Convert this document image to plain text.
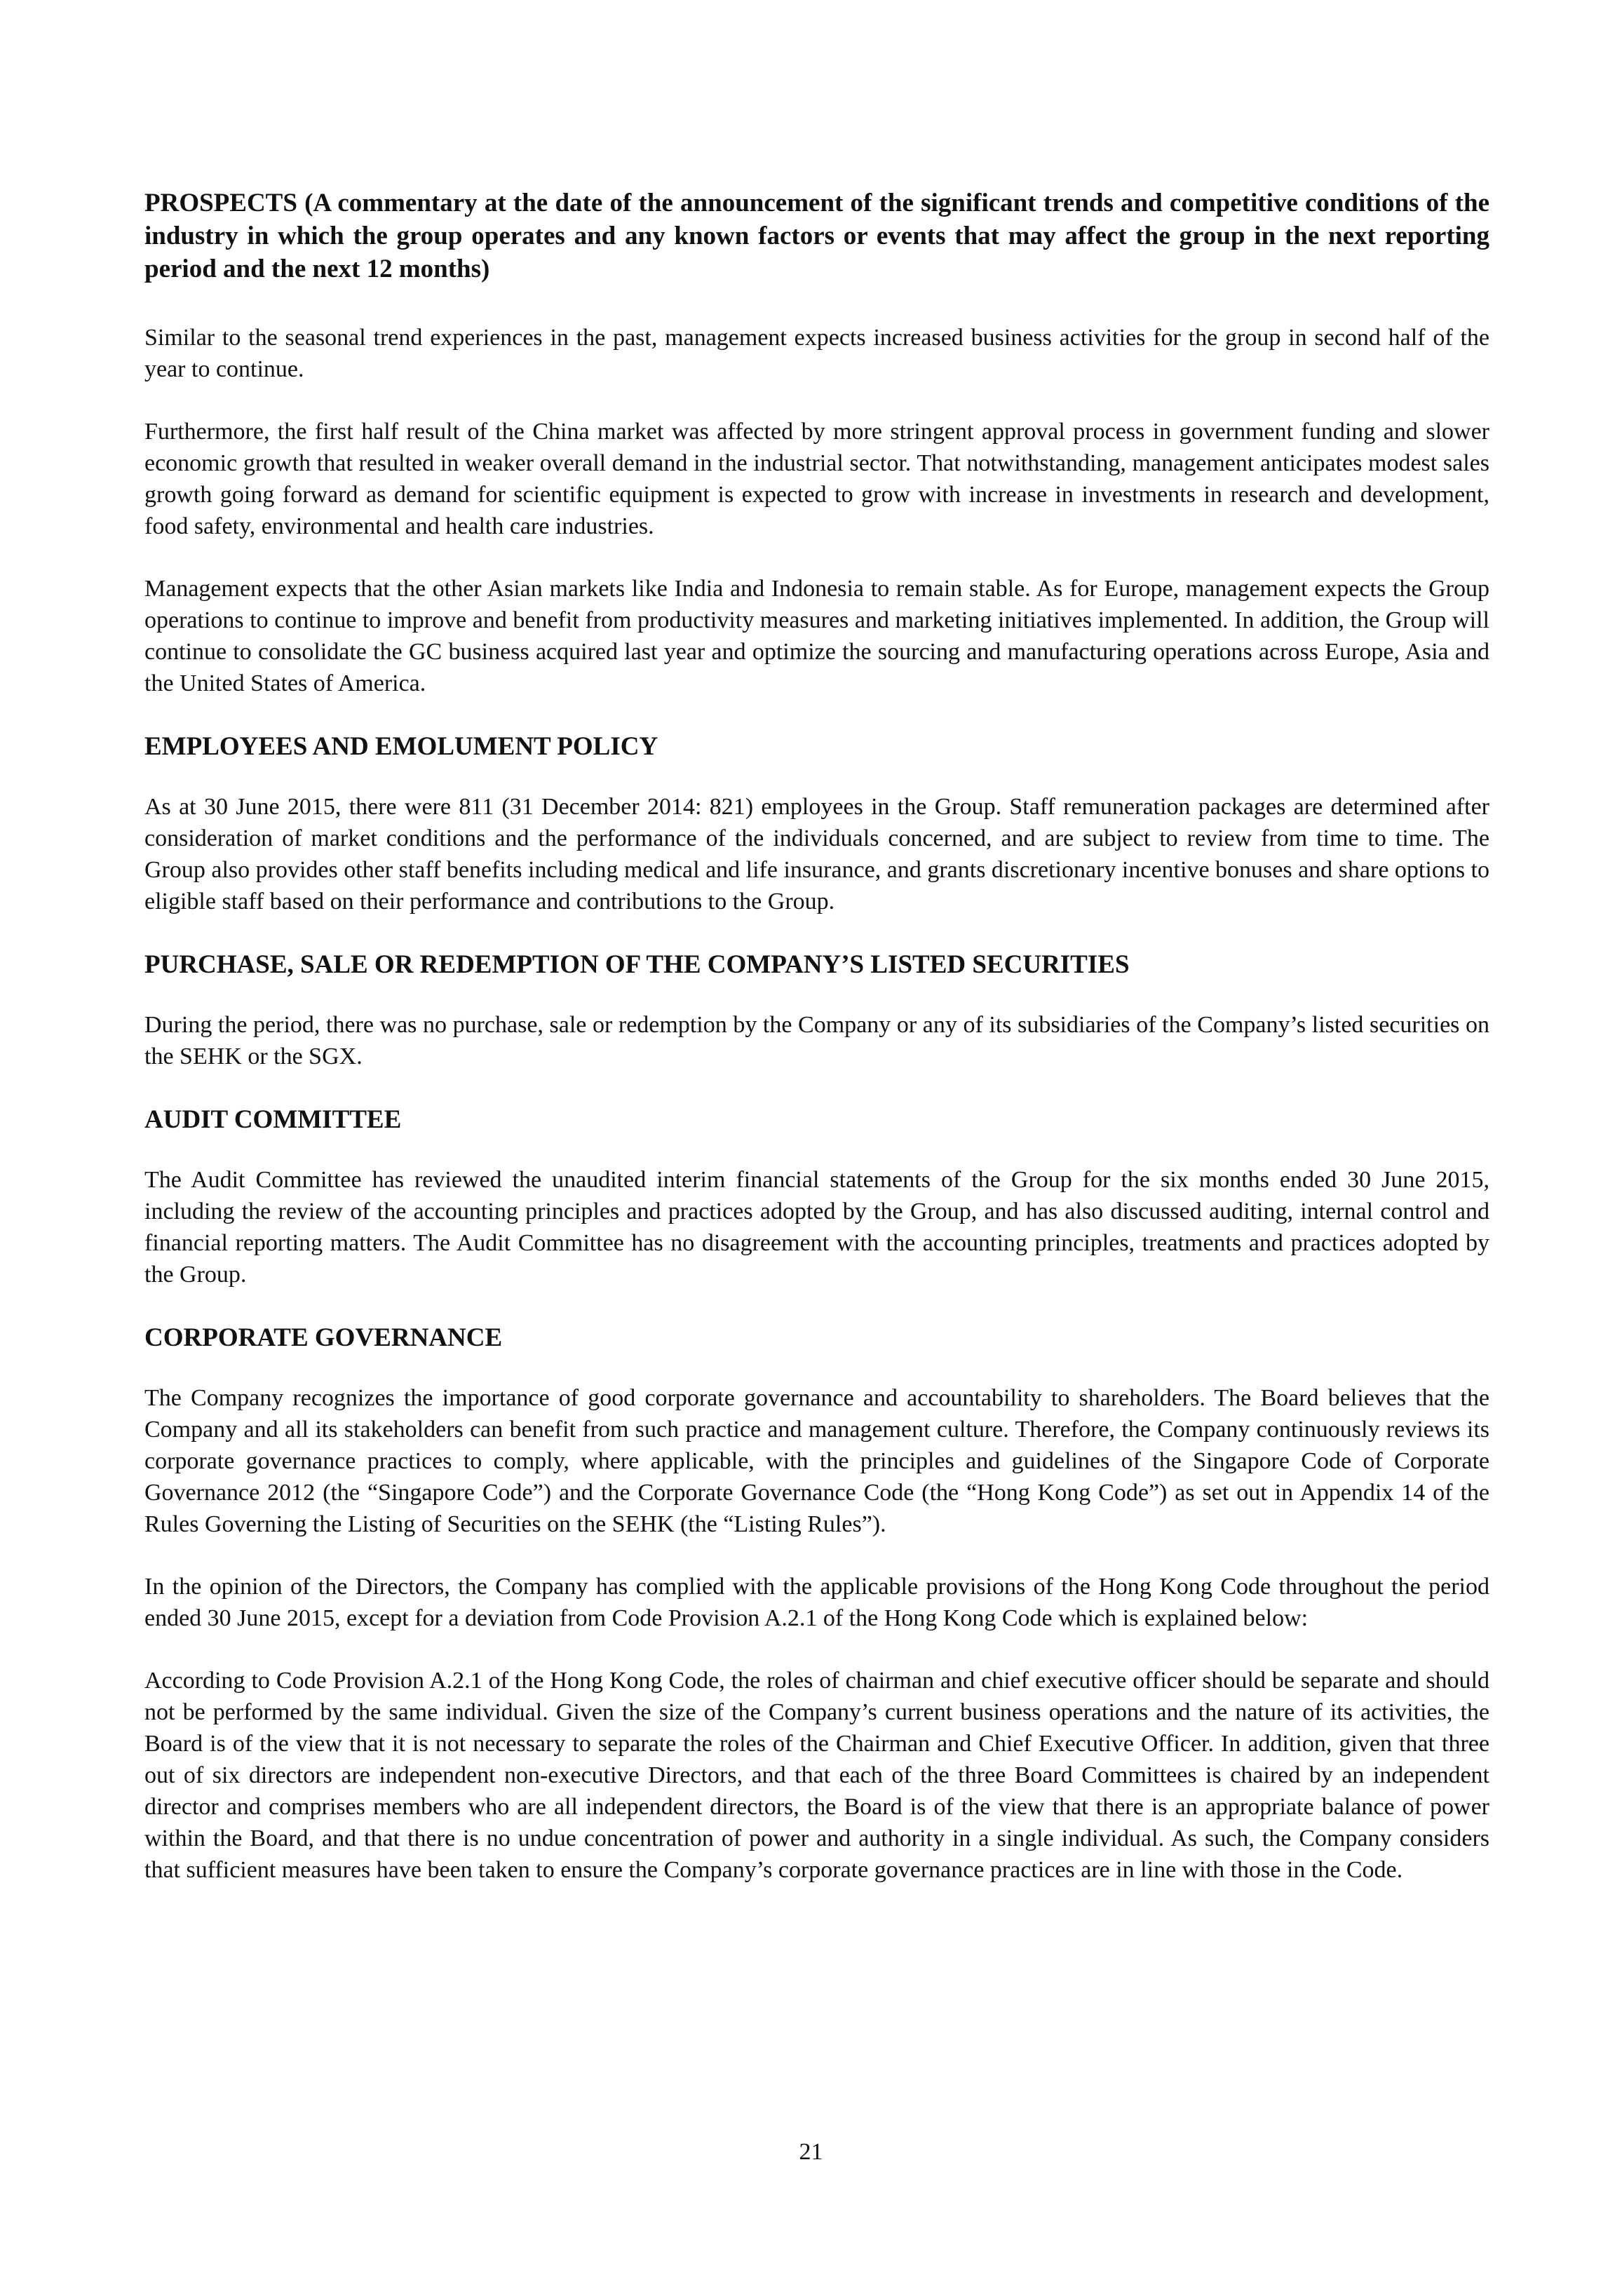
PROSPECTS (A commentary at the date of the announcement of the significant trends and competitive conditions of the industry in which the group operates and any known factors or events that may affect the group in the next reporting period and the next 12 months)

Similar to the seasonal trend experiences in the past, management expects increased business activities for the group in second half of the year to continue.

Furthermore, the first half result of the China market was affected by more stringent approval process in government funding and slower economic growth that resulted in weaker overall demand in the industrial sector. That notwithstanding, management anticipates modest sales growth going forward as demand for scientific equipment is expected to grow with increase in investments in research and development, food safety, environmental and health care industries.

Management expects that the other Asian markets like India and Indonesia to remain stable. As for Europe, management expects the Group operations to continue to improve and benefit from productivity measures and marketing initiatives implemented. In addition, the Group will continue to consolidate the GC business acquired last year and optimize the sourcing and manufacturing operations across Europe, Asia and the United States of America.

EMPLOYEES AND EMOLUMENT POLICY

As at 30 June 2015, there were 811 (31 December 2014: 821) employees in the Group. Staff remuneration packages are determined after consideration of market conditions and the performance of the individuals concerned, and are subject to review from time to time. The Group also provides other staff benefits including medical and life insurance, and grants discretionary incentive bonuses and share options to eligible staff based on their performance and contributions to the Group.

PURCHASE, SALE OR REDEMPTION OF THE COMPANY’S LISTED SECURITIES

During the period, there was no purchase, sale or redemption by the Company or any of its subsidiaries of the Company’s listed securities on the SEHK or the SGX.

AUDIT COMMITTEE

The Audit Committee has reviewed the unaudited interim financial statements of the Group for the six months ended 30 June 2015, including the review of the accounting principles and practices adopted by the Group, and has also discussed auditing, internal control and financial reporting matters. The Audit Committee has no disagreement with the accounting principles, treatments and practices adopted by the Group.

CORPORATE GOVERNANCE

The Company recognizes the importance of good corporate governance and accountability to shareholders. The Board believes that the Company and all its stakeholders can benefit from such practice and management culture. Therefore, the Company continuously reviews its corporate governance practices to comply, where applicable, with the principles and guidelines of the Singapore Code of Corporate Governance 2012 (the “Singapore Code”) and the Corporate Governance Code (the “Hong Kong Code”) as set out in Appendix 14 of the Rules Governing the Listing of Securities on the SEHK (the “Listing Rules”).

In the opinion of the Directors, the Company has complied with the applicable provisions of the Hong Kong Code throughout the period ended 30 June 2015, except for a deviation from Code Provision A.2.1 of the Hong Kong Code which is explained below:

According to Code Provision A.2.1 of the Hong Kong Code, the roles of chairman and chief executive officer should be separate and should not be performed by the same individual. Given the size of the Company’s current business operations and the nature of its activities, the Board is of the view that it is not necessary to separate the roles of the Chairman and Chief Executive Officer. In addition, given that three out of six directors are independent non-executive Directors, and that each of the three Board Committees is chaired by an independent director and comprises members who are all independent directors, the Board is of the view that there is an appropriate balance of power within the Board, and that there is no undue concentration of power and authority in a single individual. As such, the Company considers that sufficient measures have been taken to ensure the Company’s corporate governance practices are in line with those in the Code.

21
